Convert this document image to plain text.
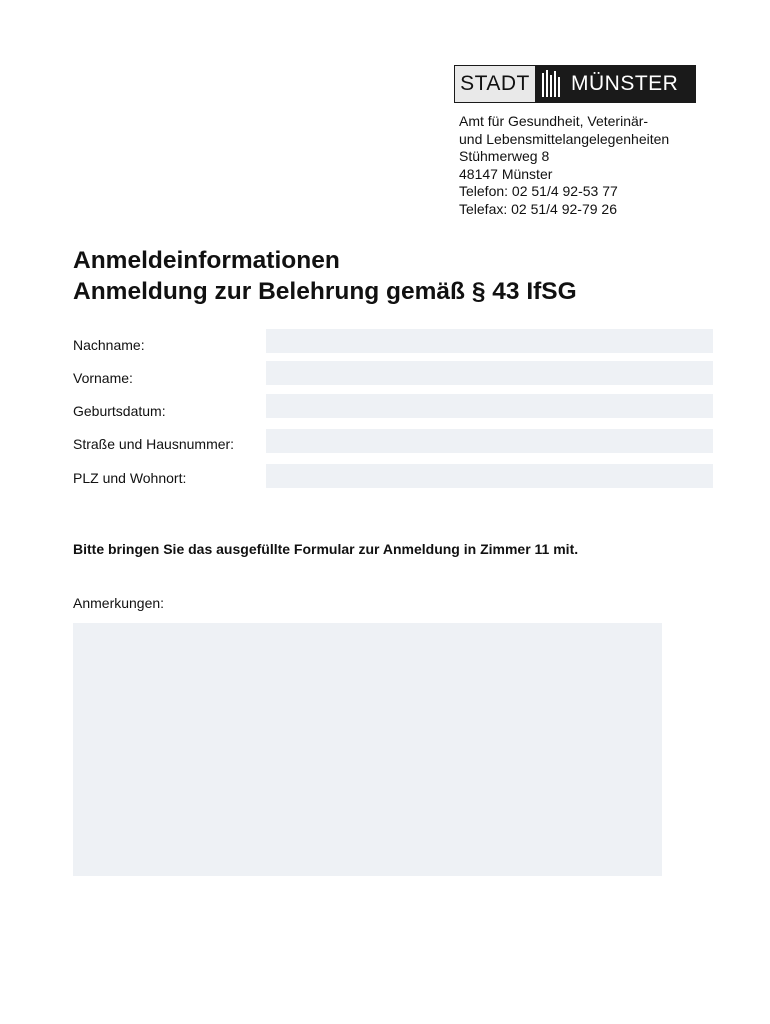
STADT MÜNSTER
Amt für Gesundheit, Veterinär-
und Lebensmittelangelegenheiten
Stühmerweg 8
48147 Münster
Telefon: 02 51/4 92-53 77
Telefax: 02 51/4 92-79 26
Anmeldeinformationen
Anmeldung zur Belehrung gemäß § 43 IfSG
Nachname:
Vorname:
Geburtsdatum:
Straße und Hausnummer:
PLZ und Wohnort:
Bitte bringen Sie das ausgefüllte Formular zur Anmeldung in Zimmer 11 mit.
Anmerkungen:
